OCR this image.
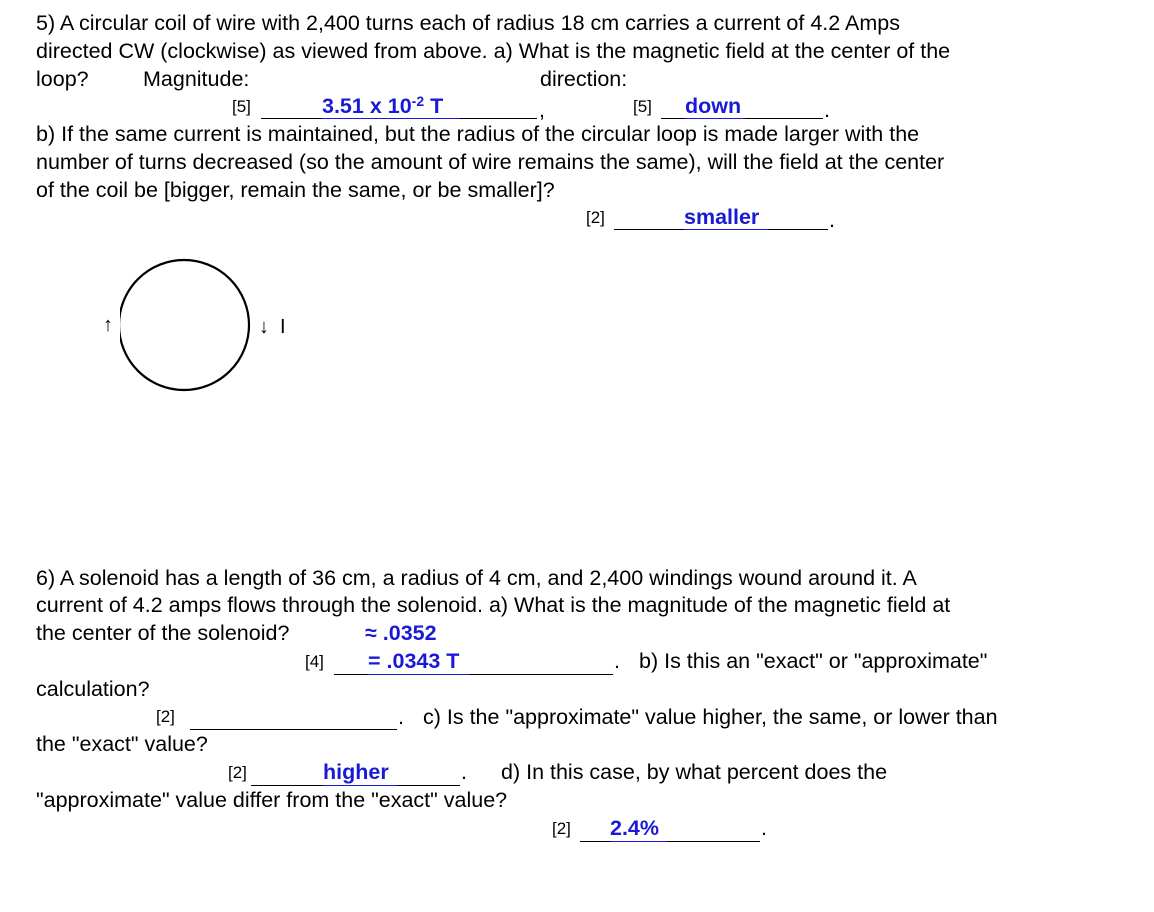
5) A circular coil of wire with 2,400 turns each of radius 18 cm carries a current of 4.2 Amps
directed CW (clockwise) as viewed from above. a) What is the magnetic field at the center of the
loop?	Magnitude:	direction:
[5]	3.51 x $10^{-2}$ T	,	[5] down	.
b) If the same current is maintained, but the radius of the circular loop is made larger with the
number of turns decreased (so the amount of wire remains the same), will the field at the center
of the coil be [bigger, remain the same, or be smaller]?
[2]	smaller	.
↑	↓ I
6) A solenoid has a length of 36 cm, a radius of 4 cm, and 2,400 windings wound around it. A
current of 4.2 amps flows through the solenoid. a) What is the magnitude of the magnetic field at
the center of the solenoid?	≈ .0352
[4] = .0343 T	. b) Is this an "exact" or "approximate"
calculation?
[2]	. c) Is the "approximate" value higher, the same, or lower than
the "exact" value?
[2]	higher	. d) In this case, by what percent does the
"approximate" value differ from the "exact" value?
[2] 2.4%	.
